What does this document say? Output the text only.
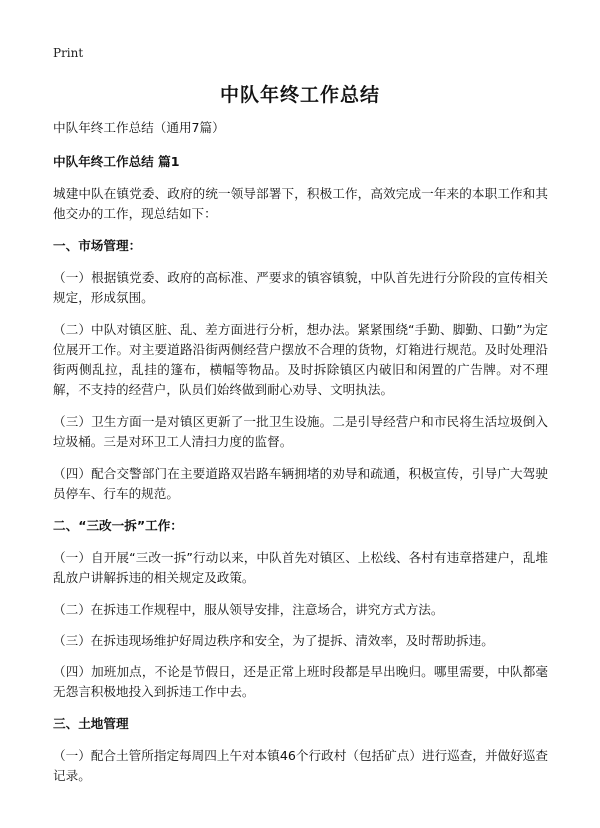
Print
中队年终工作总结

中队年终工作总结（通用7篇）

中队年终工作总结 篇1

城建中队在镇党委、政府的统一领导部署下，积极工作，高效完成一年来的本职工作和其他交办的工作，现总结如下：

一、市场管理：

（一）根据镇党委、政府的高标准、严要求的镇容镇貌，中队首先进行分阶段的宣传相关规定，形成氛围。

（二）中队对镇区脏、乱、差方面进行分析，想办法。紧紧围绕“手勤、脚勤、口勤”为定位展开工作。对主要道路沿街两侧经营户摆放不合理的货物，灯箱进行规范。及时处理沿街两侧乱拉，乱挂的篷布，横幅等物品。及时拆除镇区内破旧和闲置的广告牌。对不理解，不支持的经营户，队员们始终做到耐心劝导、文明执法。

（三）卫生方面一是对镇区更新了一批卫生设施。二是引导经营户和市民将生活垃圾倒入垃圾桶。三是对环卫工人清扫力度的监督。

（四）配合交警部门在主要道路双岩路车辆拥堵的劝导和疏通，积极宣传，引导广大驾驶员停车、行车的规范。

二、“三改一拆”工作：

（一）自开展“三改一拆”行动以来，中队首先对镇区、上松线、各村有违章搭建户，乱堆乱放户讲解拆违的相关规定及政策。

（二）在拆违工作规程中，服从领导安排，注意场合，讲究方式方法。

（三）在拆违现场维护好周边秩序和安全，为了提拆、清效率，及时帮助拆违。

（四）加班加点，不论是节假日，还是正常上班时段都是早出晚归。哪里需要，中队都毫无怨言积极地投入到拆违工作中去。

三、土地管理

（一）配合土管所指定每周四上午对本镇46个行政村（包括矿点）进行巡查，并做好巡查记录。
